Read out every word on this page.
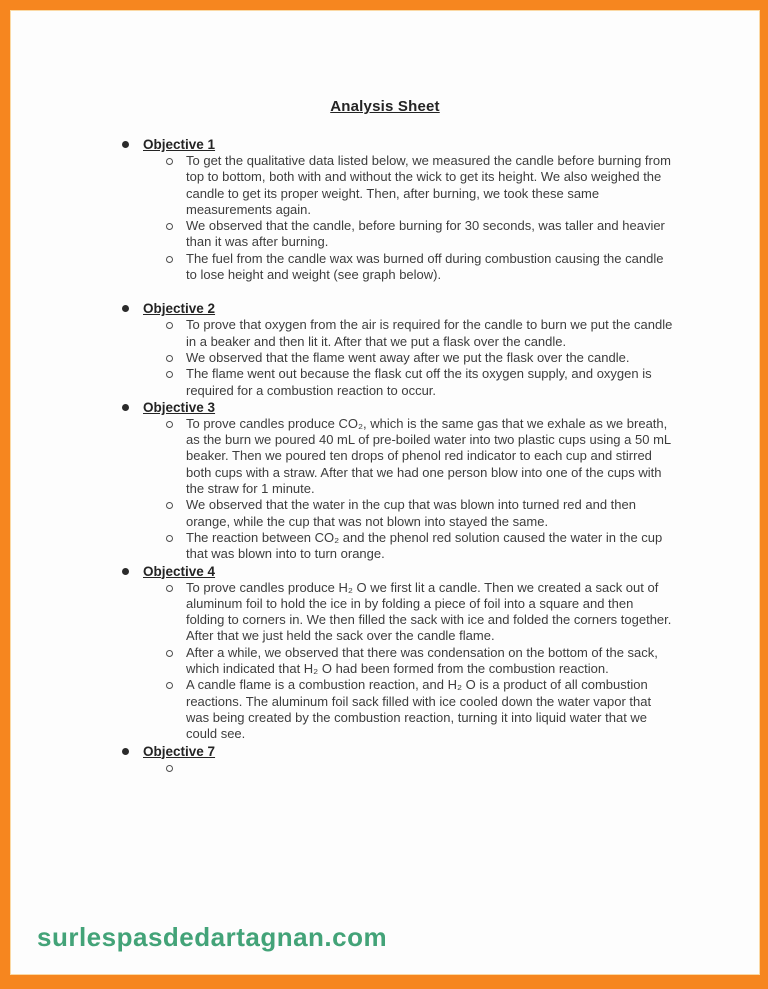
Analysis Sheet
Objective 1

To get the qualitative data listed below, we measured the candle before burning from top to bottom, both with and without the wick to get its height. We also weighed the candle to get its proper weight. Then, after burning, we took these same measurements again.

We observed that the candle, before burning for 30 seconds, was taller and heavier than it was after burning.

The fuel from the candle wax was burned off during combustion causing the candle to lose height and weight (see graph below).

Objective 2

To prove that oxygen from the air is required for the candle to burn we put the candle in a beaker and then lit it. After that we put a flask over the candle.

We observed that the flame went away after we put the flask over the candle.

The flame went out because the flask cut off the its oxygen supply, and oxygen is required for a combustion reaction to occur.

Objective 3

To prove candles produce CO₂, which is the same gas that we exhale as we breath, as the burn we poured 40 mL of pre-boiled water into two plastic cups using a 50 mL beaker. Then we poured ten drops of phenol red indicator to each cup and stirred both cups with a straw. After that we had one person blow into one of the cups with the straw for 1 minute.

We observed that the water in the cup that was blown into turned red and then orange, while the cup that was not blown into stayed the same.

The reaction between CO₂ and the phenol red solution caused the water in the cup that was blown into to turn orange.

Objective 4

To prove candles produce H₂ O we first lit a candle. Then we created a sack out of aluminum foil to hold the ice in by folding a piece of foil into a square and then folding to corners in. We then filled the sack with ice and folded the corners together. After that we just held the sack over the candle flame.

After a while, we observed that there was condensation on the bottom of the sack, which indicated that H₂ O had been formed from the combustion reaction.

A candle flame is a combustion reaction, and H₂ O is a product of all combustion reactions. The aluminum foil sack filled with ice cooled down the water vapor that was being created by the combustion reaction, turning it into liquid water that we could see.

Objective 7

surlespasdedartagnan.com
